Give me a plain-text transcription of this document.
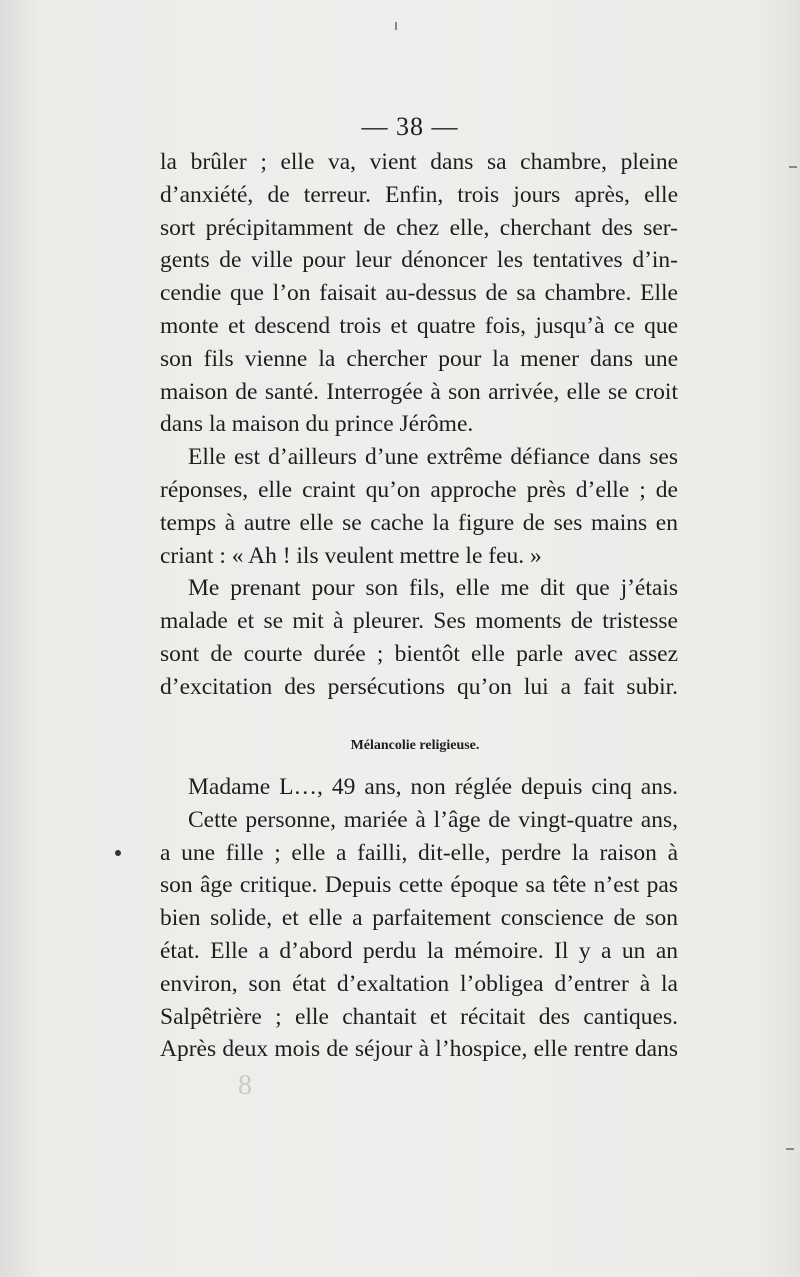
— 38 —
la brûler ; elle va, vient dans sa chambre, pleine
d’anxiété, de terreur. Enfin, trois jours après, elle
sort précipitamment de chez elle, cherchant des ser-
gents de ville pour leur dénoncer les tentatives d’in-
cendie que l’on faisait au-dessus de sa chambre. Elle
monte et descend trois et quatre fois, jusqu’à ce que
son fils vienne la chercher pour la mener dans une
maison de santé. Interrogée à son arrivée, elle se croit
dans la maison du prince Jérôme.
Elle est d’ailleurs d’une extrême défiance dans ses
réponses, elle craint qu’on approche près d’elle ; de
temps à autre elle se cache la figure de ses mains en
criant : « Ah ! ils veulent mettre le feu. »
Me prenant pour son fils, elle me dit que j’étais
malade et se mit à pleurer. Ses moments de tristesse
sont de courte durée ; bientôt elle parle avec assez
d’excitation des persécutions qu’on lui a fait subir.
Mélancolie religieuse.
Madame L…, 49 ans, non réglée depuis cinq ans.
Cette personne, mariée à l’âge de vingt-quatre ans,
a une fille ; elle a failli, dit-elle, perdre la raison à
son âge critique. Depuis cette époque sa tête n’est pas
bien solide, et elle a parfaitement conscience de son
état. Elle a d’abord perdu la mémoire. Il y a un an
environ, son état d’exaltation l’obligea d’entrer à la
Salpêtrière ; elle chantait et récitait des cantiques.
Après deux mois de séjour à l’hospice, elle rentre dans
8
